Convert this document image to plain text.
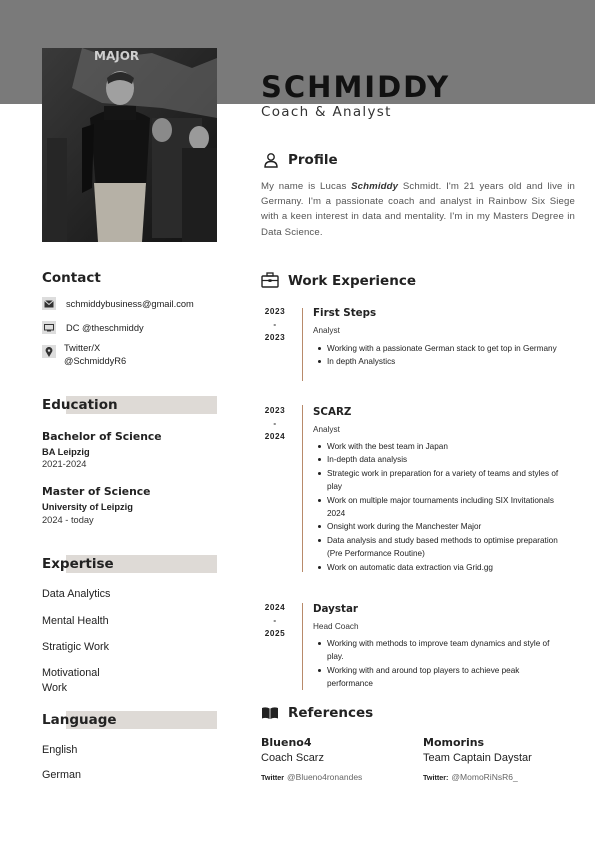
MAJOR
SCHMIDDY
Coach & Analyst
Profile
My name is Lucas Schmiddy Schmidt. I'm 21 years old and live in Germany. I'm a passionate coach and analyst in Rainbow Six Siege with a keen interest in data and mentality. I'm in my Masters Degree in Data Science.
Contact
schmiddybusiness@gmail.com
DC @theschmiddy
Twitter/X
@SchmiddyR6
Education
Bachelor of Science
BA Leipzig
2021-2024
Master of Science
University of Leipzig
2024 - today
Expertise
Data Analytics
Mental Health
Stratigic Work
Motivational
Work
Language
English
German
Work Experience
2023
-
2023
First Steps
Analyst
Working with a passionate German stack to get top in Germany
In depth Analystics
2023
-
2024
SCARZ
Analyst
Work with the best team in Japan
In-depth data analysis
Strategic work in preparation for a variety of teams and styles of play
Work on multiple major tournaments including SIX Invitationals 2024
Onsight work during the Manchester Major
Data analysis and study based methods to optimise preparation (Pre Performance Routine)
Work on automatic data extraction via Grid.gg
2024
-
2025
Daystar
Head Coach
Working with methods to improve team dynamics and style of play.
Working with and around top players to achieve peak performance
References
Blueno4
Coach Scarz
Twitter @Blueno4ronandes
Momorins
Team Captain Daystar
Twitter: @MomoRiNsR6_
